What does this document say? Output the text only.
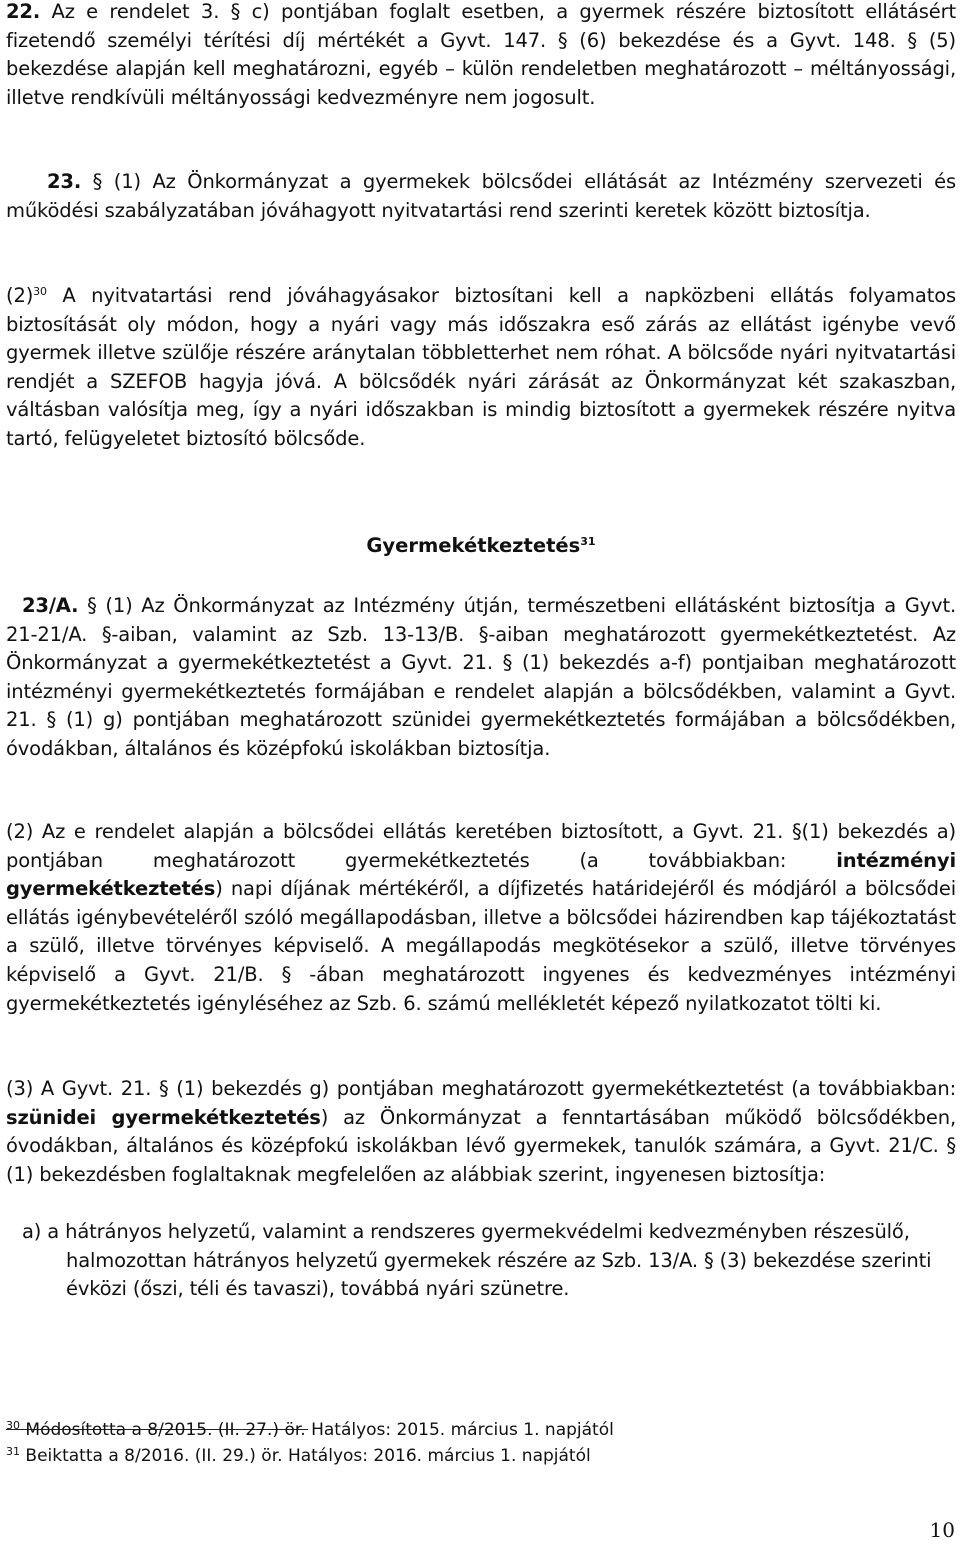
22. Az e rendelet 3. § c) pontjában foglalt esetben, a gyermek részére biztosított ellátásért fizetendő személyi térítési díj mértékét a Gyvt. 147. § (6) bekezdése és a Gyvt. 148. § (5) bekezdése alapján kell meghatározni, egyéb – külön rendeletben meghatározott – méltányossági, illetve rendkívüli méltányossági kedvezményre nem jogosult.

23. § (1) Az Önkormányzat a gyermekek bölcsődei ellátását az Intézmény szervezeti és működési szabályzatában jóváhagyott nyitvatartási rend szerinti keretek között biztosítja.

$(2)^{30}$ A nyitvatartási rend jóváhagyásakor biztosítani kell a napközbeni ellátás folyamatos biztosítását oly módon, hogy a nyári vagy más időszakra eső zárás az ellátást igénybe vevő gyermek illetve szülője részére aránytalan többletterhet nem róhat. A bölcsőde nyári nyitvatartási rendjét a SZEFOB hagyja jóvá. A bölcsődék nyári zárását az Önkormányzat két szakaszban, váltásban valósítja meg, így a nyári időszakban is mindig biztosított a gyermekek részére nyitva tartó, felügyeletet biztosító bölcsőde.

Gyermekétkeztetés$^{31}$

23/A. § (1) Az Önkormányzat az Intézmény útján, természetbeni ellátásként biztosítja a Gyvt. 21-21/A. §-aiban, valamint az Szb. 13-13/B. §-aiban meghatározott gyermekétkeztetést. Az Önkormányzat a gyermekétkeztetést a Gyvt. 21. § (1) bekezdés a-f) pontjaiban meghatározott intézményi gyermekétkeztetés formájában e rendelet alapján a bölcsődékben, valamint a Gyvt. 21. § (1) g) pontjában meghatározott szünidei gyermekétkeztetés formájában a bölcsődékben, óvodákban, általános és középfokú iskolákban biztosítja.

(2) Az e rendelet alapján a bölcsődei ellátás keretében biztosított, a Gyvt. 21. §(1) bekezdés a) pontjában meghatározott gyermekétkeztetés (a továbbiakban: intézményi gyermekétkeztetés) napi díjának mértékéről, a díjfizetés határidejéről és módjáról a bölcsődei ellátás igénybevételéről szóló megállapodásban, illetve a bölcsődei házirendben kap tájékoztatást a szülő, illetve törvényes képviselő. A megállapodás megkötésekor a szülő, illetve törvényes képviselő a Gyvt. 21/B. § -ában meghatározott ingyenes és kedvezményes intézményi gyermekétkeztetés igényléséhez az Szb. 6. számú mellékletét képező nyilatkozatot tölti ki.

(3) A Gyvt. 21. § (1) bekezdés g) pontjában meghatározott gyermekétkeztetést (a továbbiakban: szünidei gyermekétkeztetés) az Önkormányzat a fenntartásában működő bölcsődékben, óvodákban, általános és középfokú iskolákban lévő gyermekek, tanulók számára, a Gyvt. 21/C. § (1) bekezdésben foglaltaknak megfelelően az alábbiak szerint, ingyenesen biztosítja:

a) a hátrányos helyzetű, valamint a rendszeres gyermekvédelmi kedvezményben részesülő, halmozottan hátrányos helyzetű gyermekek részére az Szb. 13/A. § (3) bekezdése szerinti évközi (őszi, téli és tavaszi), továbbá nyári szünetre.

$^{30}$ Módosította a 8/2015. (II. 27.) ör. Hatályos: 2015. március 1. napjától
$^{31}$ Beiktatta a 8/2016. (II. 29.) ör. Hatályos: 2016. március 1. napjától
10
